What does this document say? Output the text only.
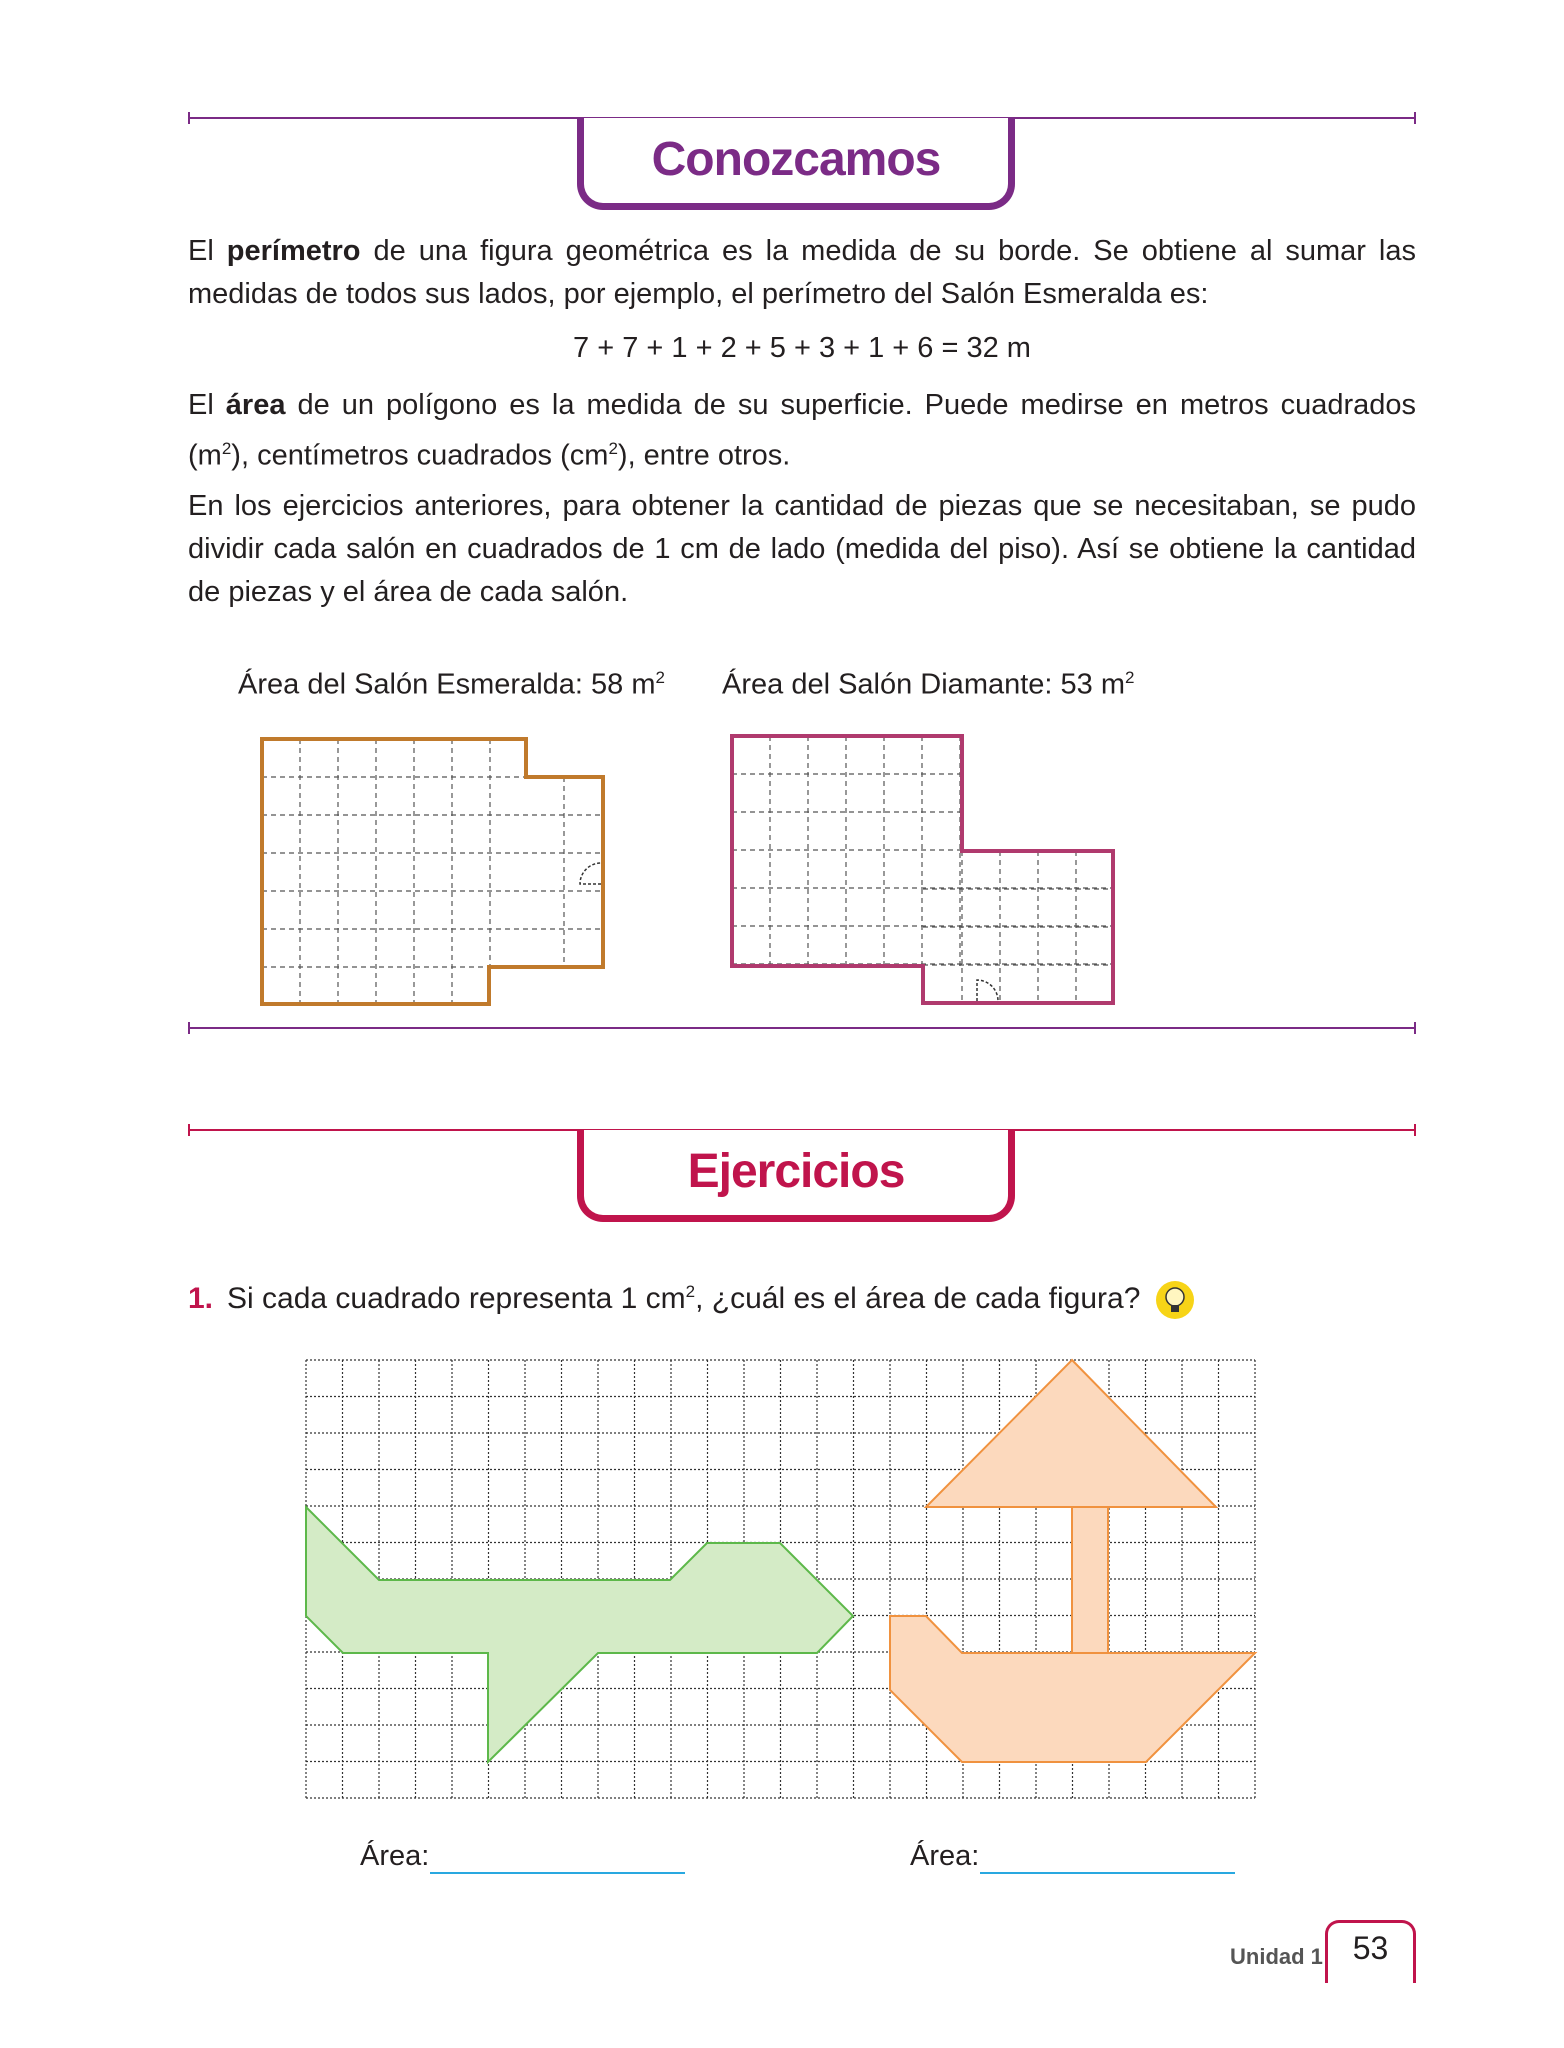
Conozcamos

El perímetro de una figura geométrica es la medida de su borde. Se obtiene al sumar las medidas de todos sus lados, por ejemplo, el perímetro del Salón Esmeralda es:

7 + 7 + 1 + 2 + 5 + 3 + 1 + 6 = 32 m

El área de un polígono es la medida de su superficie. Puede medirse en metros cuadrados $(m^2)$, centímetros cuadrados $(cm^2)$, entre otros.

En los ejercicios anteriores, para obtener la cantidad de piezas que se necesitaban, se pudo dividir cada salón en cuadrados de 1 cm de lado (medida del piso). Así se obtiene la cantidad de piezas y el área de cada salón.

Área del Salón Esmeralda: 58 $m^2$ Área del Salón Diamante: 53 $m^2$
Ejercicios
1. Si cada cuadrado representa 1 $cm^2$, ¿cuál es el área de cada figura?
Área:	Área:
Unidad 1 53
